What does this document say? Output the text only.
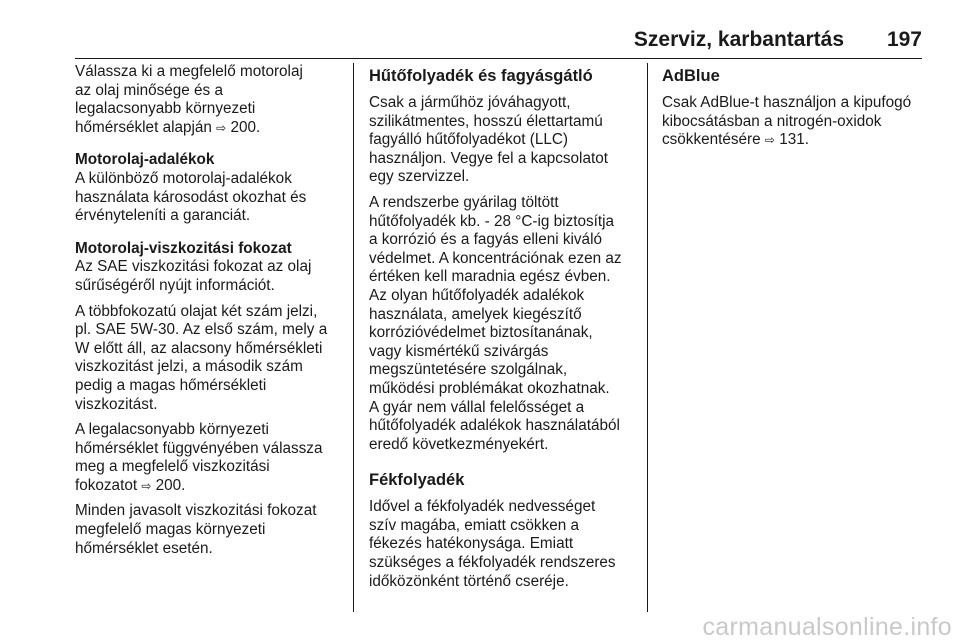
Szerviz, karbantartás 197

Válassza ki a megfelelő motorolaj
az olaj minősége és a
legalacsonyabb környezeti
hőmérséklet alapján ⇨ 200.

Motorolaj-adalékok

A különböző motorolaj-adalékok
használata károsodást okozhat és
érvényteleníti a garanciát.

Motorolaj-viszkozitási fokozat

Az SAE viszkozitási fokozat az olaj
sűrűségéről nyújt információt.

A többfokozatú olajat két szám jelzi,
pl. SAE 5W-30. Az első szám, mely a
W előtt áll, az alacsony hőmérsékleti
viszkozitást jelzi, a második szám
pedig a magas hőmérsékleti
viszkozitást.

A legalacsonyabb környezeti
hőmérséklet függvényében válassza
meg a megfelelő viszkozitási
fokozatot ⇨ 200.

Minden javasolt viszkozitási fokozat
megfelelő magas környezeti
hőmérséklet esetén.

Hűtőfolyadék és fagyásgátló

Csak a járműhöz jóváhagyott,
szilikátmentes, hosszú élettartamú
fagyálló hűtőfolyadékot (LLC)
használjon. Vegye fel a kapcsolatot
egy szervizzel.

A rendszerbe gyárilag töltött
hűtőfolyadék kb. - 28 °C-ig biztosítja
a korrózió és a fagyás elleni kiváló
védelmet. A koncentrációnak ezen az
értéken kell maradnia egész évben.
Az olyan hűtőfolyadék adalékok
használata, amelyek kiegészítő
korrózióvédelmet biztosítanának,
vagy kismértékű szivárgás
megszüntetésére szolgálnak,
működési problémákat okozhatnak.
A gyár nem vállal felelősséget a
hűtőfolyadék adalékok használatából
eredő következményekért.

Fékfolyadék

Idővel a fékfolyadék nedvességet
szív magába, emiatt csökken a
fékezés hatékonysága. Emiatt
szükséges a fékfolyadék rendszeres
időközönként történő cseréje.

AdBlue

Csak AdBlue-t használjon a kipufogó
kibocsátásban a nitrogén-oxidok
csökkentésére ⇨ 131.

carmanualsonline.info
